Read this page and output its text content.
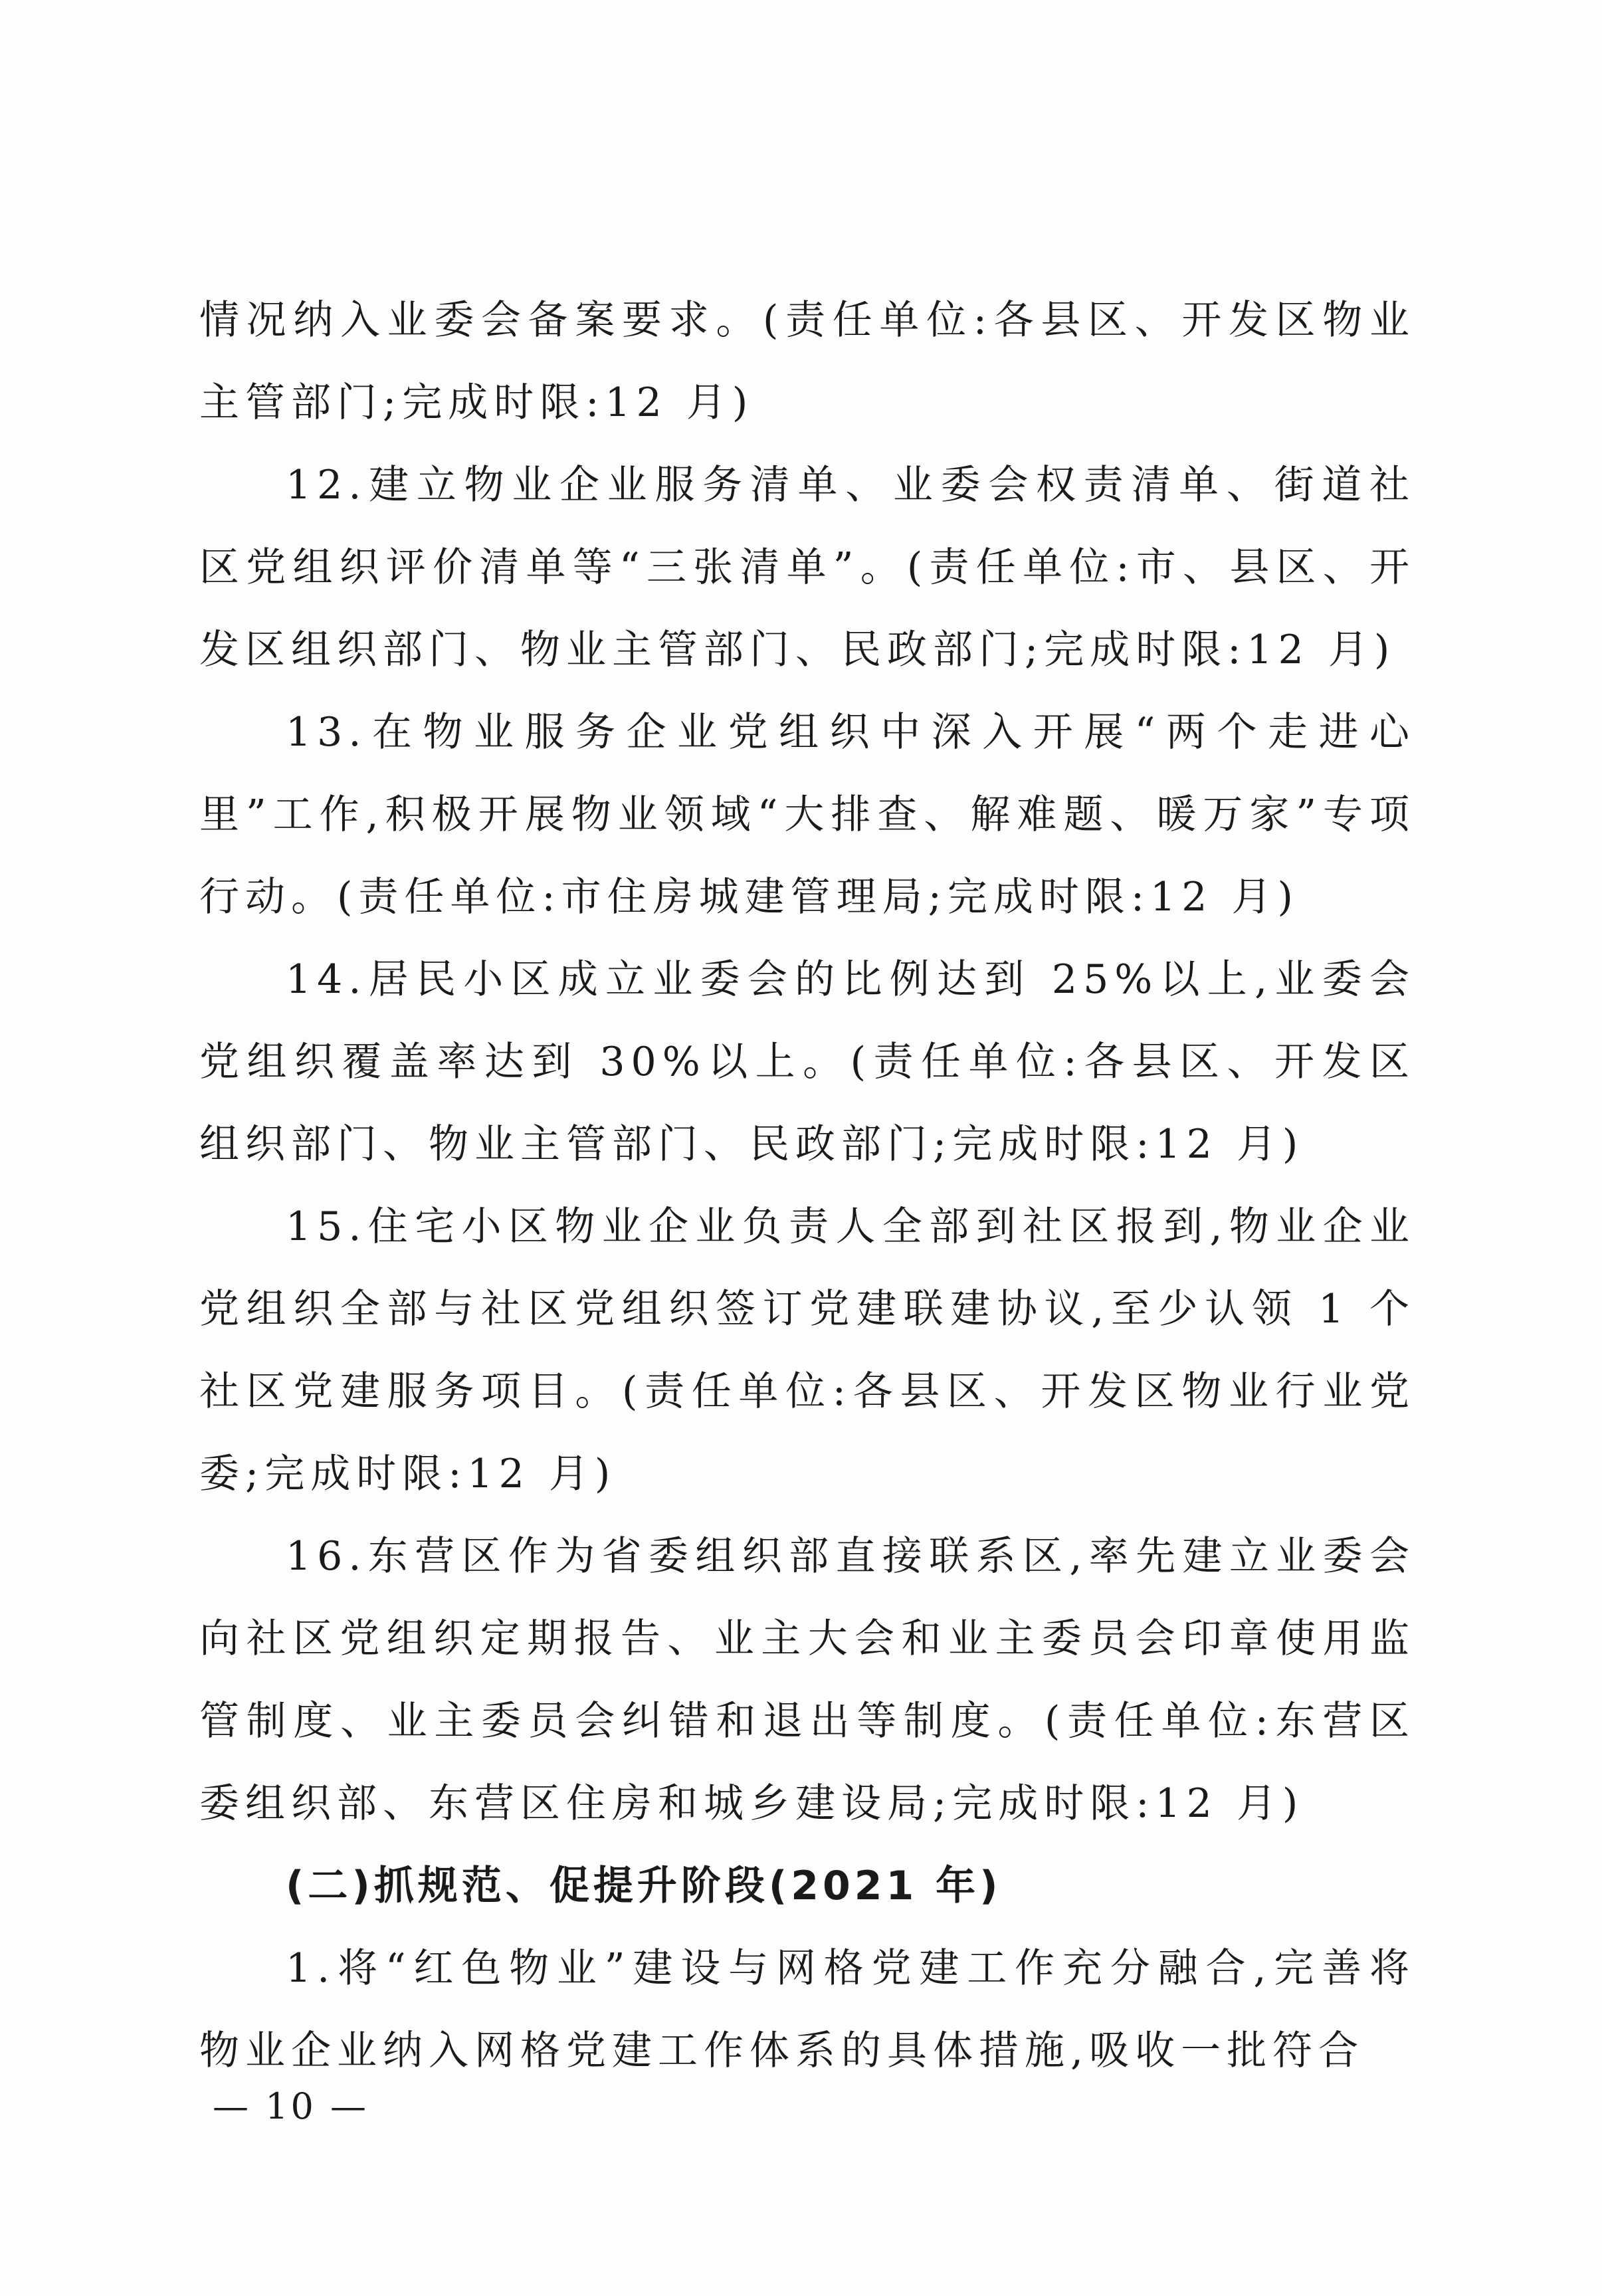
情况纳入业委会备案要求。(责任单位:各县区、开发区物业主管部门;完成时限:12 月)

12.建立物业企业服务清单、业委会权责清单、街道社区党组织评价清单等“三张清单”。(责任单位:市、县区、开发区组织部门、物业主管部门、民政部门;完成时限:12 月)

13.在物业服务企业党组织中深入开展“两个走进心里”工作,积极开展物业领域“大排查、解难题、暖万家”专项行动。(责任单位:市住房城建管理局;完成时限:12 月)

14.居民小区成立业委会的比例达到 25%以上,业委会党组织覆盖率达到 30%以上。(责任单位:各县区、开发区组织部门、物业主管部门、民政部门;完成时限:12 月)

15.住宅小区物业企业负责人全部到社区报到,物业企业党组织全部与社区党组织签订党建联建协议,至少认领 1 个社区党建服务项目。(责任单位:各县区、开发区物业行业党委;完成时限:12 月)

16.东营区作为省委组织部直接联系区,率先建立业委会向社区党组织定期报告、业主大会和业主委员会印章使用监管制度、业主委员会纠错和退出等制度。(责任单位:东营区委组织部、东营区住房和城乡建设局;完成时限:12 月)

(二)抓规范、促提升阶段(2021 年)

1.将“红色物业”建设与网格党建工作充分融合,完善将物业企业纳入网格党建工作体系的具体措施,吸收一批符合

— 10 —
